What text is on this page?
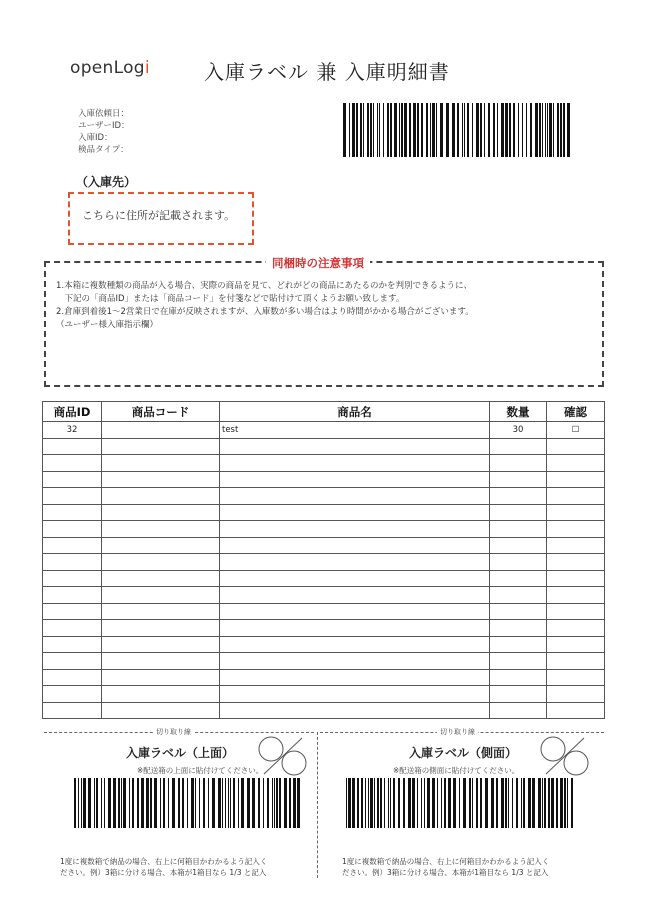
openLogi	入庫ラベル 兼 入庫明細書
入庫依頼日：
ユーザーID：
入庫ID：
検品タイプ：
（入庫先）
こちらに住所が記載されます。
同梱時の注意事項
1.本箱に複数種類の商品が入る場合、実際の商品を見て、どれがどの商品にあたるのかを判別できるように、
　下記の「商品ID」または「商品コード」を付箋などで貼付けて頂くようお願い致します。
2.倉庫到着後1～2営業日で在庫が反映されますが、入庫数が多い場合はより時間がかかる場合がございます。
（ユーザー様入庫指示欄）
商品ID	商品コード	商品名	数量	確認
32		test	30	☐

切り取り線	切り取り線
入庫ラベル（上面）
※配送箱の上面に貼付けてください。
1度に複数箱で納品の場合、右上に何箱目かわかるよう記入く
ださい。例）3箱に分ける場合、本箱が1箱目なら 1/3 と記入
入庫ラベル（側面）
※配送箱の側面に貼付けてください。
1度に複数箱で納品の場合、右上に何箱目かわかるよう記入く
ださい。例）3箱に分ける場合、本箱が1箱目なら 1/3 と記入
